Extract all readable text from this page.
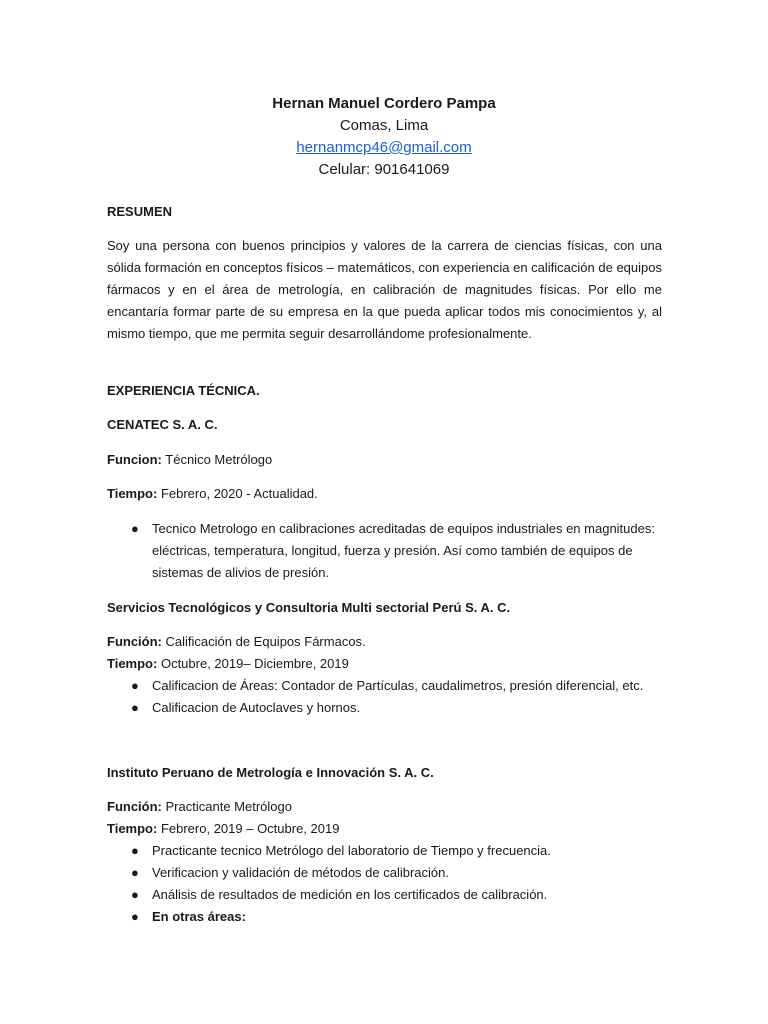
Hernan Manuel Cordero Pampa
Comas, Lima
hernanmcp46@gmail.com
Celular: 901641069
RESUMEN
Soy una persona con buenos principios y valores de la carrera de ciencias físicas, con una sólida formación en conceptos físicos – matemáticos, con experiencia en calificación de equipos fármacos y en el área de metrología, en calibración de magnitudes físicas. Por ello me encantaría formar parte de su empresa en la que pueda aplicar todos mis conocimientos y, al mismo tiempo, que me permita seguir desarrollándome profesionalmente.
EXPERIENCIA TÉCNICA.
CENATEC S. A. C.
Funcion: Técnico Metrólogo
Tiempo: Febrero, 2020 - Actualidad.
● Tecnico Metrologo en calibraciones acreditadas de equipos industriales en magnitudes: eléctricas, temperatura, longitud, fuerza y presión. Así como también de equipos de sistemas de alivios de presión.
Servicios Tecnológicos y Consultoria Multi sectorial Perú S. A. C.
Función: Calificación de Equipos Fármacos.
Tiempo: Octubre, 2019– Diciembre, 2019
● Calificacion de Áreas: Contador de Partículas, caudalimetros, presión diferencial, etc.
● Calificacion de Autoclaves y hornos.
Instituto Peruano de Metrología e Innovación S. A. C.
Función: Practicante Metrólogo
Tiempo: Febrero, 2019 – Octubre, 2019
● Practicante tecnico Metrólogo del laboratorio de Tiempo y frecuencia.
● Verificacion y validación de métodos de calibración.
● Análisis de resultados de medición en los certificados de calibración.
● En otras áreas:
